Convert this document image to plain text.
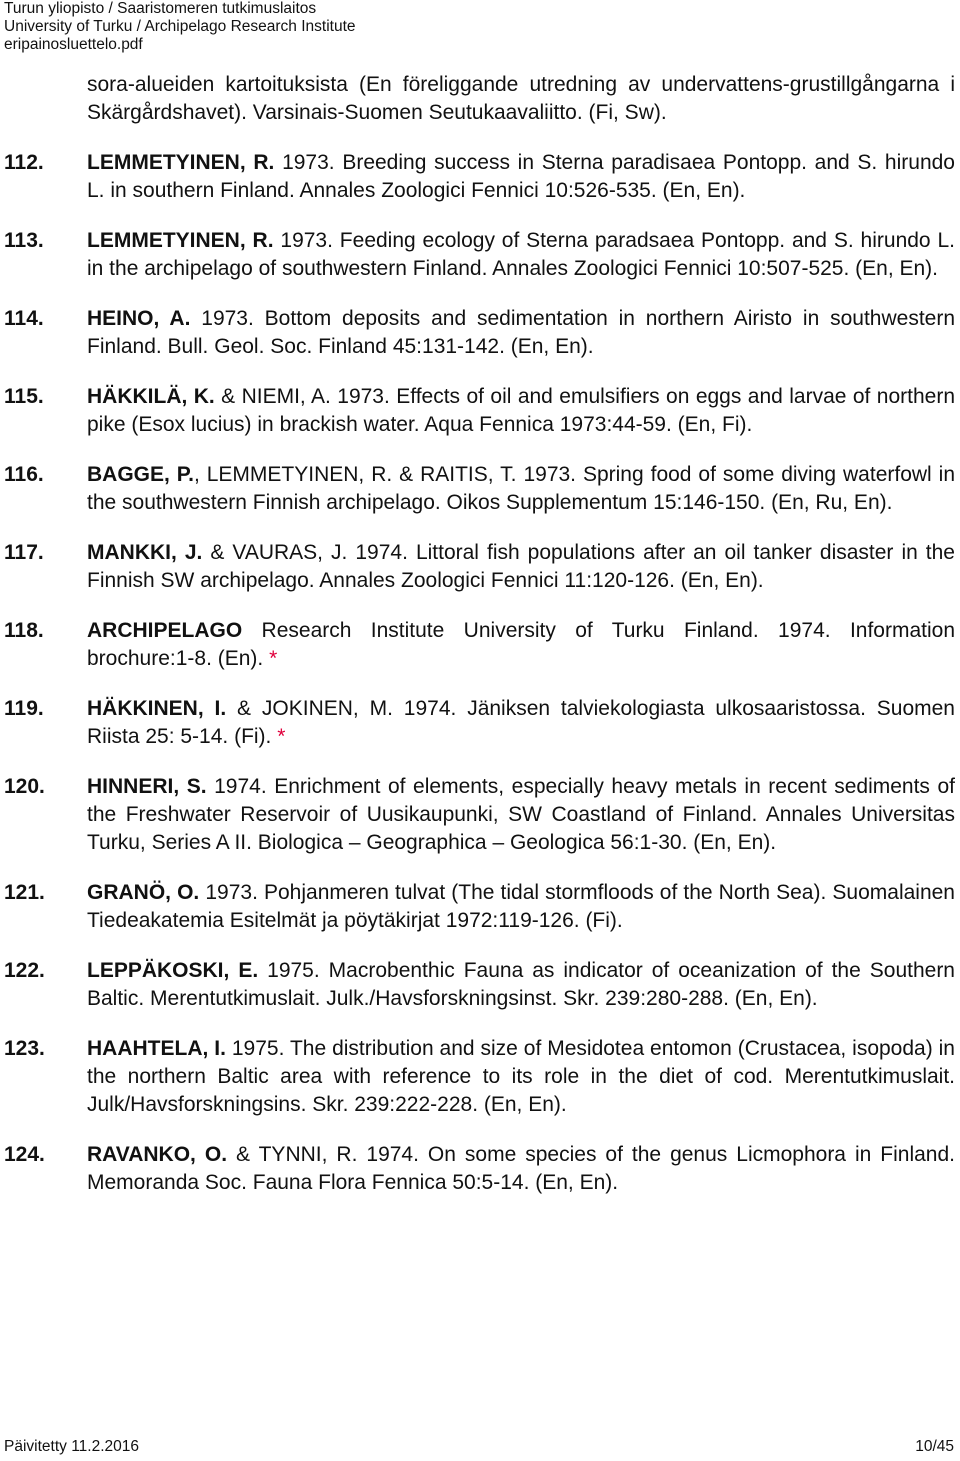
Turun yliopisto / Saaristomeren tutkimuslaitos
University of Turku / Archipelago Research Institute
eripainosluettelo.pdf
sora-alueiden kartoituksista (En föreliggande utredning av undervattens-grustillgångarna i Skärgårdshavet). Varsinais-Suomen Seutukaavaliitto. (Fi, Sw).
112. LEMMETYINEN, R. 1973. Breeding success in Sterna paradisaea Pontopp. and S. hirundo L. in southern Finland. Annales Zoologici Fennici 10:526-535. (En, En).
113. LEMMETYINEN, R. 1973. Feeding ecology of Sterna paradsaea Pontopp. and S. hirundo L. in the archipelago of southwestern Finland. Annales Zoologici Fennici 10:507-525. (En, En).
114. HEINO, A. 1973. Bottom deposits and sedimentation in northern Airisto in southwestern Finland. Bull. Geol. Soc. Finland 45:131-142. (En, En).
115. HÄKKILÄ, K. & NIEMI, A. 1973. Effects of oil and emulsifiers on eggs and larvae of northern pike (Esox lucius) in brackish water. Aqua Fennica 1973:44-59. (En, Fi).
116. BAGGE, P., LEMMETYINEN, R. & RAITIS, T. 1973. Spring food of some diving waterfowl in the southwestern Finnish archipelago. Oikos Supplementum 15:146-150. (En, Ru, En).
117. MANKKI, J. & VAURAS, J. 1974. Littoral fish populations after an oil tanker disaster in the Finnish SW archipelago. Annales Zoologici Fennici 11:120-126. (En, En).
118. ARCHIPELAGO Research Institute University of Turku Finland. 1974. Information brochure:1-8. (En). *
119. HÄKKINEN, I. & JOKINEN, M. 1974. Jäniksen talviekologiasta ulkosaaristossa. Suomen Riista 25: 5-14. (Fi). *
120. HINNERI, S. 1974. Enrichment of elements, especially heavy metals in recent sediments of the Freshwater Reservoir of Uusikaupunki, SW Coastland of Finland. Annales Universitas Turku, Series A II. Biologica – Geographica – Geologica 56:1-30. (En, En).
121. GRANÖ, O. 1973. Pohjanmeren tulvat (The tidal stormfloods of the North Sea). Suomalainen Tiedeakatemia Esitelmät ja pöytäkirjat 1972:119-126. (Fi).
122. LEPPÄKOSKI, E. 1975. Macrobenthic Fauna as indicator of oceanization of the Southern Baltic. Merentutkimuslait. Julk./Havsforskningsinst. Skr. 239:280-288. (En, En).
123. HAAHTELA, I. 1975. The distribution and size of Mesidotea entomon (Crustacea, isopoda) in the northern Baltic area with reference to its role in the diet of cod. Merentutkimuslait. Julk/Havsforskningsins. Skr. 239:222-228. (En, En).
124. RAVANKO, O. & TYNNI, R. 1974. On some species of the genus Licmophora in Finland. Memoranda Soc. Fauna Flora Fennica 50:5-14. (En, En).
Päivitetty 11.2.2016	10/45
